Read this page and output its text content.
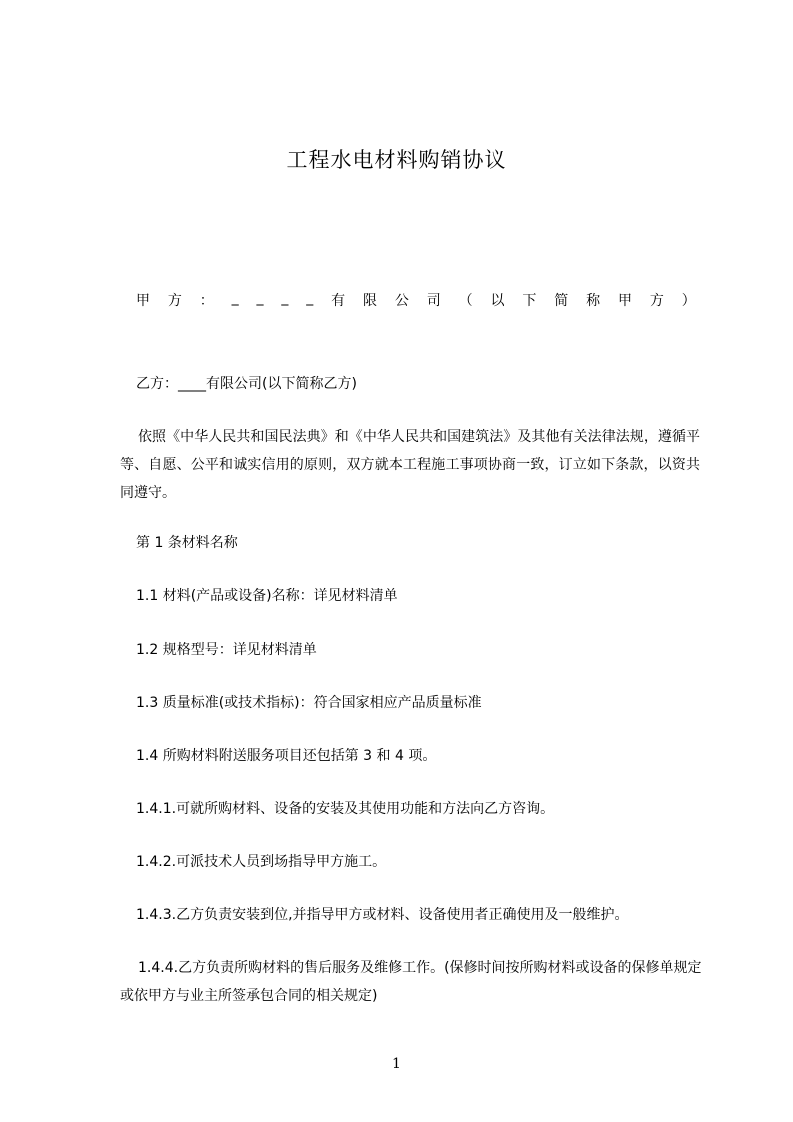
工程水电材料购销协议
甲 方 ： _ _ _ _ 有 限 公 司 （ 以 下 简 称 甲 方 ）
乙方：____有限公司(以下简称乙方)
依照《中华人民共和国民法典》和《中华人民共和国建筑法》及其他有关法律法规，遵循平等、自愿、公平和诚实信用的原则，双方就本工程施工事项协商一致，订立如下条款，以资共同遵守。
第 1 条材料名称
1.1 材料(产品或设备)名称：详见材料清单
1.2 规格型号：详见材料清单
1.3 质量标准(或技术指标)：符合国家相应产品质量标准
1.4 所购材料附送服务项目还包括第 3 和 4 项。
1.4.1.可就所购材料、设备的安装及其使用功能和方法向乙方咨询。
1.4.2.可派技术人员到场指导甲方施工。
1.4.3.乙方负责安装到位,并指导甲方或材料、设备使用者正确使用及一般维护。
1.4.4.乙方负责所购材料的售后服务及维修工作。(保修时间按所购材料或设备的保修单规定或依甲方与业主所签承包合同的相关规定)
1
